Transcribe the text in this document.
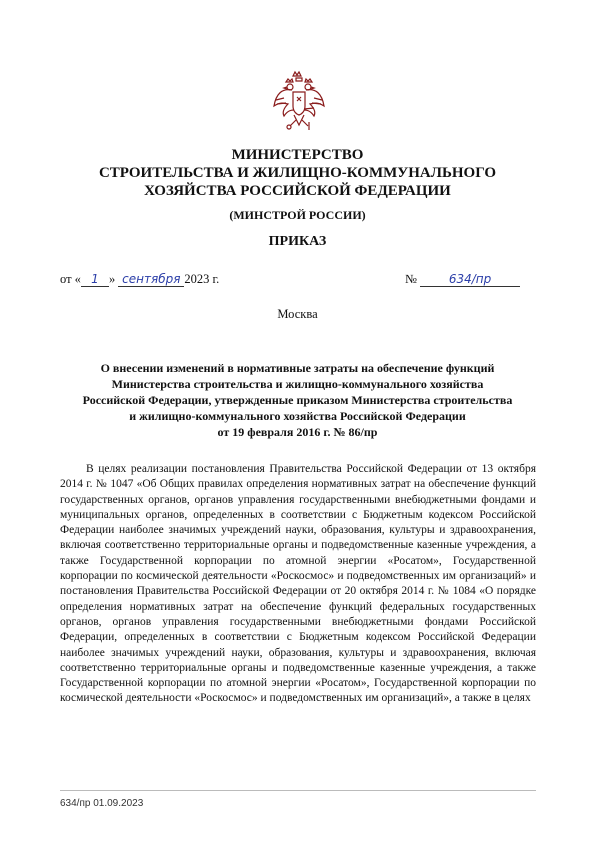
МИНИСТЕРСТВО
СТРОИТЕЛЬСТВА И ЖИЛИЩНО-КОММУНАЛЬНОГО
ХОЗЯЙСТВА РОССИЙСКОЙ ФЕДЕРАЦИИ
(МИНСТРОЙ РОССИИ)
ПРИКАЗ
от « 1 » сентября 2023 г.	№	634/пр
Москва
О внесении изменений в нормативные затраты на обеспечение функций
Министерства строительства и жилищно-коммунального хозяйства
Российской Федерации, утвержденные приказом Министерства строительства
и жилищно-коммунального хозяйства Российской Федерации
от 19 февраля 2016 г. № 86/пр
В целях реализации постановления Правительства Российской Федерации от 13 октября 2014 г. № 1047 «Об Общих правилах определения нормативных затрат на обеспечение функций государственных органов, органов управления государственными внебюджетными фондами и муниципальных органов, определенных в соответствии с Бюджетным кодексом Российской Федерации наиболее значимых учреждений науки, образования, культуры и здравоохранения, включая соответственно территориальные органы и подведомственные казенные учреждения, а также Государственной корпорации по атомной энергии «Росатом», Государственной корпорации по космической деятельности «Роскосмос» и подведомственных им организаций» и постановления Правительства Российской Федерации от 20 октября 2014 г. № 1084 «О порядке определения нормативных затрат на обеспечение функций федеральных государственных органов, органов управления государственными внебюджетными фондами Российской Федерации, определенных в соответствии с Бюджетным кодексом Российской Федерации наиболее значимых учреждений науки, образования, культуры и здравоохранения, включая соответственно территориальные органы и подведомственные казенные учреждения, а также Государственной корпорации по атомной энергии «Росатом», Государственной корпорации по космической деятельности «Роскосмос» и подведомственных им организаций», а также в целях
634/пр 01.09.2023
